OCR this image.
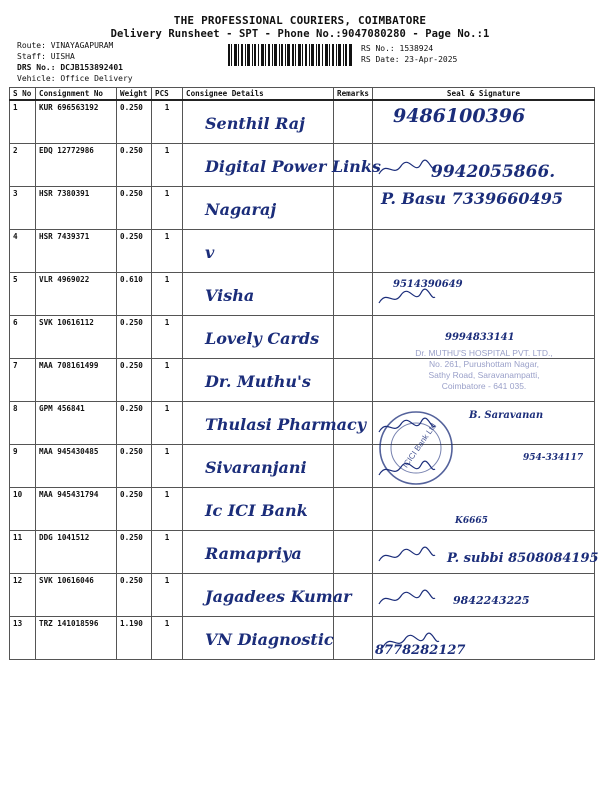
THE PROFESSIONAL COURIERS, COIMBATORE
Delivery Runsheet - SPT - Phone No.:9047080280 - Page No.:1
Route: VINAYAGAPURAM
Staff: UISHA
DRS No.: DCJB153892401
Vehicle: Office Delivery
RS No.: 1538924
RS Date: 23-Apr-2025
S No	Consignment No	Weight	PCS	Consignee Details	Remarks	Seal & Signature
1	KUR 696563192	0.250	1	Senthil Raj		9486100396

2	EDQ 12772986	0.250	1	Digital Power Links		9942055866.

3	HSR 7380391	0.250	1	Nagaraj		P. Basu 7339660495

4	HSR 7439371	0.250	1	v		

5	VLR 4969022	0.610	1	Visha		9514390649

6	SVK 10616112	0.250	1	Lovely Cards		9994833141

7	MAA 708161499	0.250	1	Dr. Muthu's		

8	GPM 456841	0.250	1	Thulasi Pharmacy		B. Saravanan

9	MAA 945430485	0.250	1	Sivaranjani		954-334117

10	MAA 945431794	0.250	1	Ic ICI Bank		K6665

11	DDG 1041512	0.250	1	Ramapriya		P. subbi 8508084195

12	SVK 10616046	0.250	1	Jagadees Kumar		9842243225

13	TRZ 141018596	1.190	1	VN Diagnostic		8778282127
Dr. MUTHU'S HOSPITAL PVT. LTD.,
No. 261, Purushottam Nagar,
Sathy Road, Saravanampatti,
Coimbatore - 641 035.
ICICI Bank Ltd
